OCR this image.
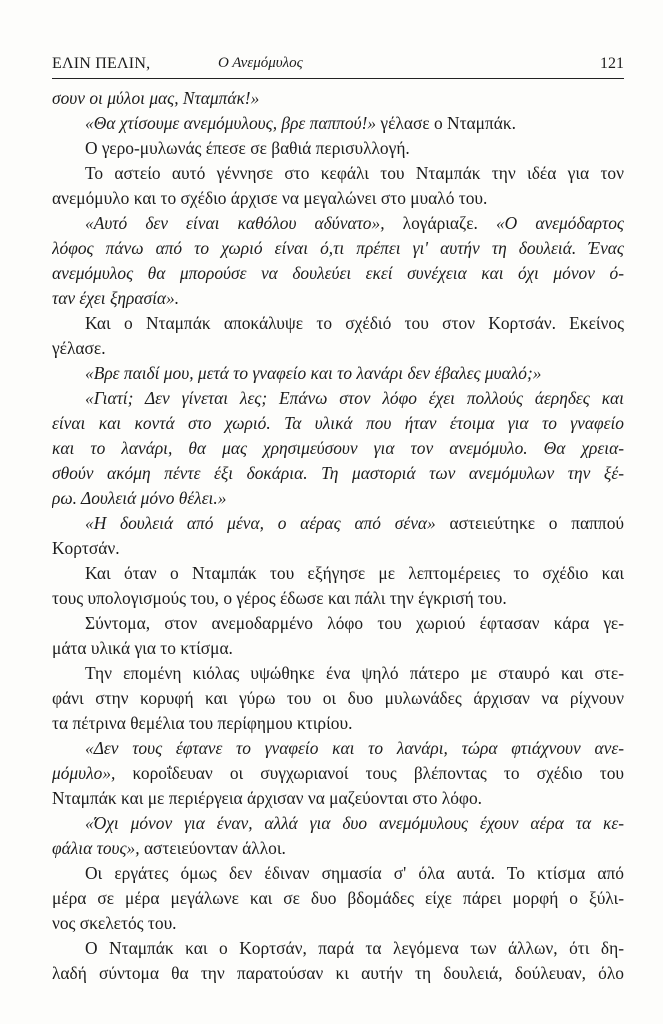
ΕΛΙΝ ΠΕΛΙΝ,	Ο Ανεμόμυλος	121
σουν οι μύλοι μας, Νταμπάκ!»
«Θα χτίσουμε ανεμόμυλους, βρε παππού!» γέλασε ο Νταμπάκ.
Ο γερο-μυλωνάς έπεσε σε βαθιά περισυλλογή.
Το αστείο αυτό γέννησε στο κεφάλι του Νταμπάκ την ιδέα για τον
ανεμόμυλο και το σχέδιο άρχισε να μεγαλώνει στο μυαλό του.
«Αυτό δεν είναι καθόλου αδύνατο», λογάριαζε. «Ο ανεμόδαρτος
λόφος πάνω από το χωριό είναι ό,τι πρέπει γι' αυτήν τη δουλειά. Ένας
ανεμόμυλος θα μπορούσε να δουλεύει εκεί συνέχεια και όχι μόνον ό-
ταν έχει ξηρασία».
Και ο Νταμπάκ αποκάλυψε το σχέδιό του στον Κορτσάν. Εκείνος
γέλασε.
«Βρε παιδί μου, μετά το γναφείο και το λανάρι δεν έβαλες μυαλό;»
«Γιατί; Δεν γίνεται λες; Επάνω στον λόφο έχει πολλούς άερηδες και
είναι και κοντά στο χωριό. Τα υλικά που ήταν έτοιμα για το γναφείο
και το λανάρι, θα μας χρησιμεύσουν για τον ανεμόμυλο. Θα χρεια-
σθούν ακόμη πέντε έξι δοκάρια. Τη μαστοριά των ανεμόμυλων την ξέ-
ρω. Δουλειά μόνο θέλει.»
«Η δουλειά από μένα, ο αέρας από σένα» αστειεύτηκε ο παππού
Κορτσάν.
Και όταν ο Νταμπάκ του εξήγησε με λεπτομέρειες το σχέδιο και
τους υπολογισμούς του, ο γέρος έδωσε και πάλι την έγκρισή του.
Σύντομα, στον ανεμοδαρμένο λόφο του χωριού έφτασαν κάρα γε-
μάτα υλικά για το κτίσμα.
Την επομένη κιόλας υψώθηκε ένα ψηλό πάτερο με σταυρό και στε-
φάνι στην κορυφή και γύρω του οι δυο μυλωνάδες άρχισαν να ρίχνουν
τα πέτρινα θεμέλια του περίφημου κτιρίου.
«Δεν τους έφτανε το γναφείο και το λανάρι, τώρα φτιάχνουν ανε-
μόμυλο», κοροΐδευαν οι συγχωριανοί τους βλέποντας το σχέδιο του
Νταμπάκ και με περιέργεια άρχισαν να μαζεύονται στο λόφο.
«Όχι μόνον για έναν, αλλά για δυο ανεμόμυλους έχουν αέρα τα κε-
φάλια τους», αστειεύονταν άλλοι.
Οι εργάτες όμως δεν έδιναν σημασία σ' όλα αυτά. Το κτίσμα από
μέρα σε μέρα μεγάλωνε και σε δυο βδομάδες είχε πάρει μορφή ο ξύλι-
νος σκελετός του.
Ο Νταμπάκ και ο Κορτσάν, παρά τα λεγόμενα των άλλων, ότι δη-
λαδή σύντομα θα την παρατούσαν κι αυτήν τη δουλειά, δούλευαν, όλο
